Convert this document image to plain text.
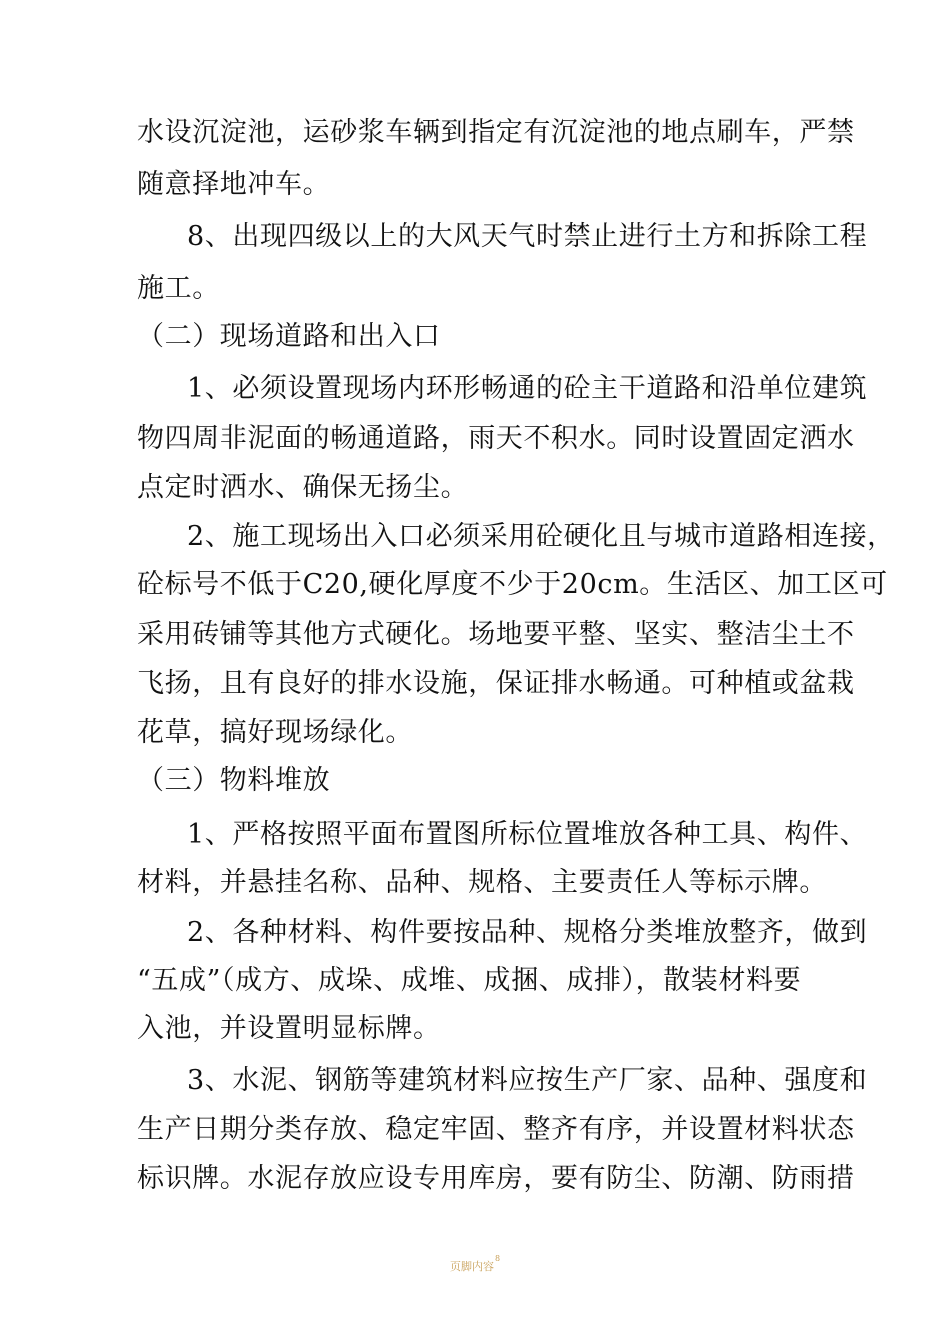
水设沉淀池，运砂浆车辆到指定有沉淀池的地点刷车，严禁
随意择地冲车。
8、出现四级以上的大风天气时禁止进行土方和拆除工程
施工。
（二）现场道路和出入口
1、必须设置现场内环形畅通的砼主干道路和沿单位建筑
物四周非泥面的畅通道路，雨天不积水。同时设置固定洒水
点定时洒水、确保无扬尘。
2、施工现场出入口必须采用砼硬化且与城市道路相连接，
砼标号不低于C20,硬化厚度不少于20cm。生活区、加工区可
采用砖铺等其他方式硬化。场地要平整、坚实、整洁尘土不
飞扬，且有良好的排水设施，保证排水畅通。可种植或盆栽
花草，搞好现场绿化。
（三）物料堆放
1、严格按照平面布置图所标位置堆放各种工具、构件、
材料，并悬挂名称、品种、规格、主要责任人等标示牌。
2、各种材料、构件要按品种、规格分类堆放整齐，做到
“五成”（成方、成垛、成堆、成捆、成排），散装材料要
入池，并设置明显标牌。
3、水泥、钢筋等建筑材料应按生产厂家、品种、强度和
生产日期分类存放、稳定牢固、整齐有序，并设置材料状态
标识牌。水泥存放应设专用库房，要有防尘、防潮、防雨措
页脚内容$^8$
